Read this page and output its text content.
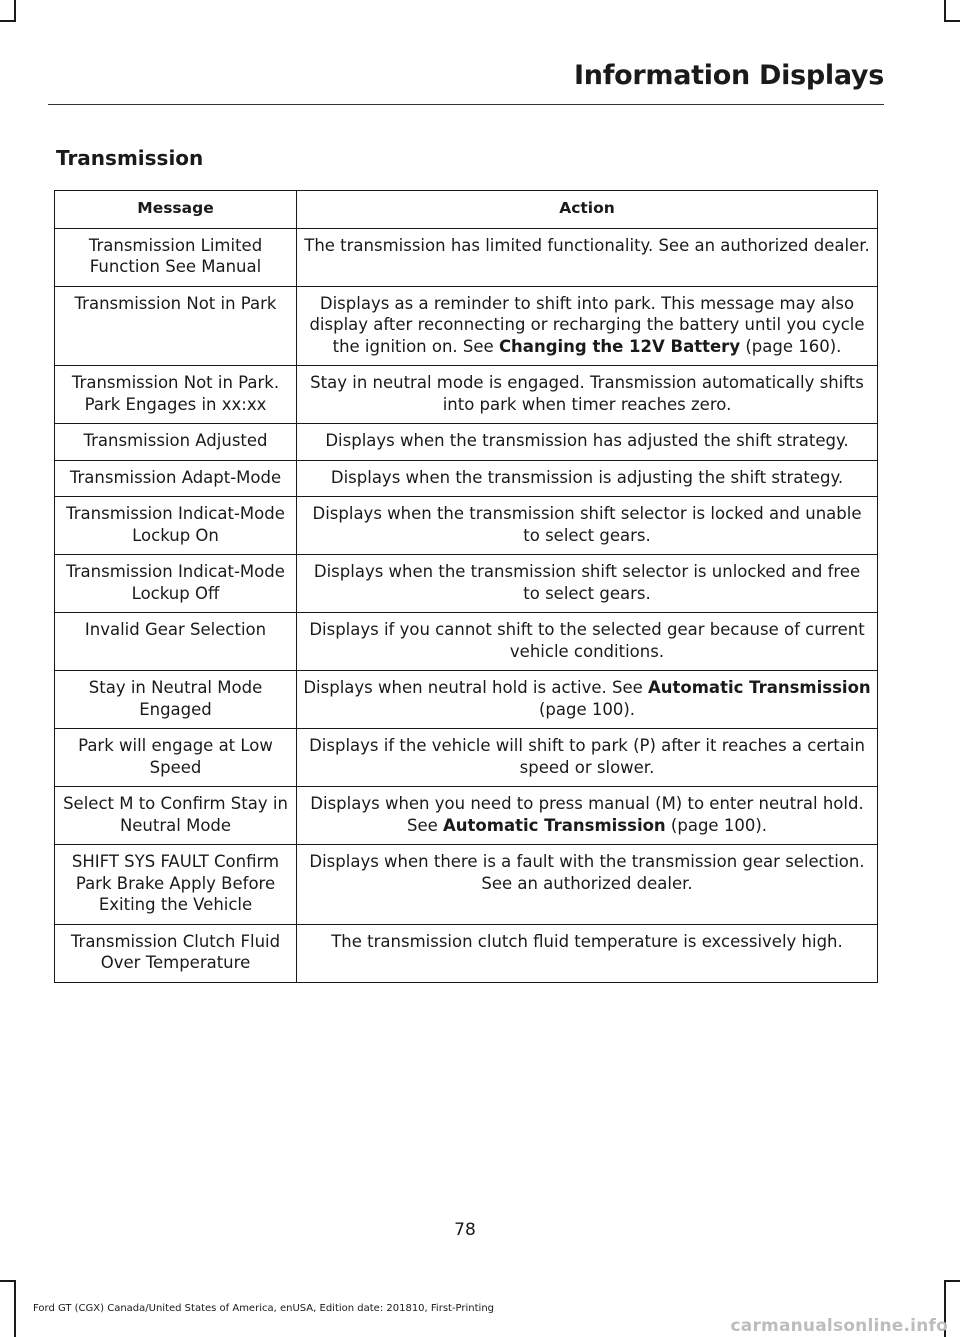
Information Displays
Transmission
Message	Action
Transmission Limited Function See Manual	The transmission has limited functionality. See an authorized dealer.
Transmission Not in Park	Displays as a reminder to shift into park. This message may also display after reconnecting or recharging the battery until you cycle the ignition on. See Changing the 12V Battery (page 160).
Transmission Not in Park. Park Engages in xx:xx	Stay in neutral mode is engaged. Transmission automatically shifts into park when timer reaches zero.
Transmission Adjusted	Displays when the transmission has adjusted the shift strategy.
Transmission Adapt-Mode	Displays when the transmission is adjusting the shift strategy.
Transmission Indicat-Mode Lockup On	Displays when the transmission shift selector is locked and unable to select gears.
Transmission Indicat-Mode Lockup Off	Displays when the transmission shift selector is unlocked and free to select gears.
Invalid Gear Selection	Displays if you cannot shift to the selected gear because of current vehicle conditions.
Stay in Neutral Mode Engaged	Displays when neutral hold is active. See Automatic Transmission (page 100).
Park will engage at Low Speed	Displays if the vehicle will shift to park (P) after it reaches a certain speed or slower.
Select M to Confirm Stay in Neutral Mode	Displays when you need to press manual (M) to enter neutral hold. See Automatic Transmission (page 100).
SHIFT SYS FAULT Confirm Park Brake Apply Before Exiting the Vehicle	Displays when there is a fault with the transmission gear selection. See an authorized dealer.
Transmission Clutch Fluid Over Temperature	The transmission clutch fluid temperature is excessively high.
78
Ford GT (CGX) Canada/United States of America, enUSA, Edition date: 201810, First-Printing
carmanualsonline.info
